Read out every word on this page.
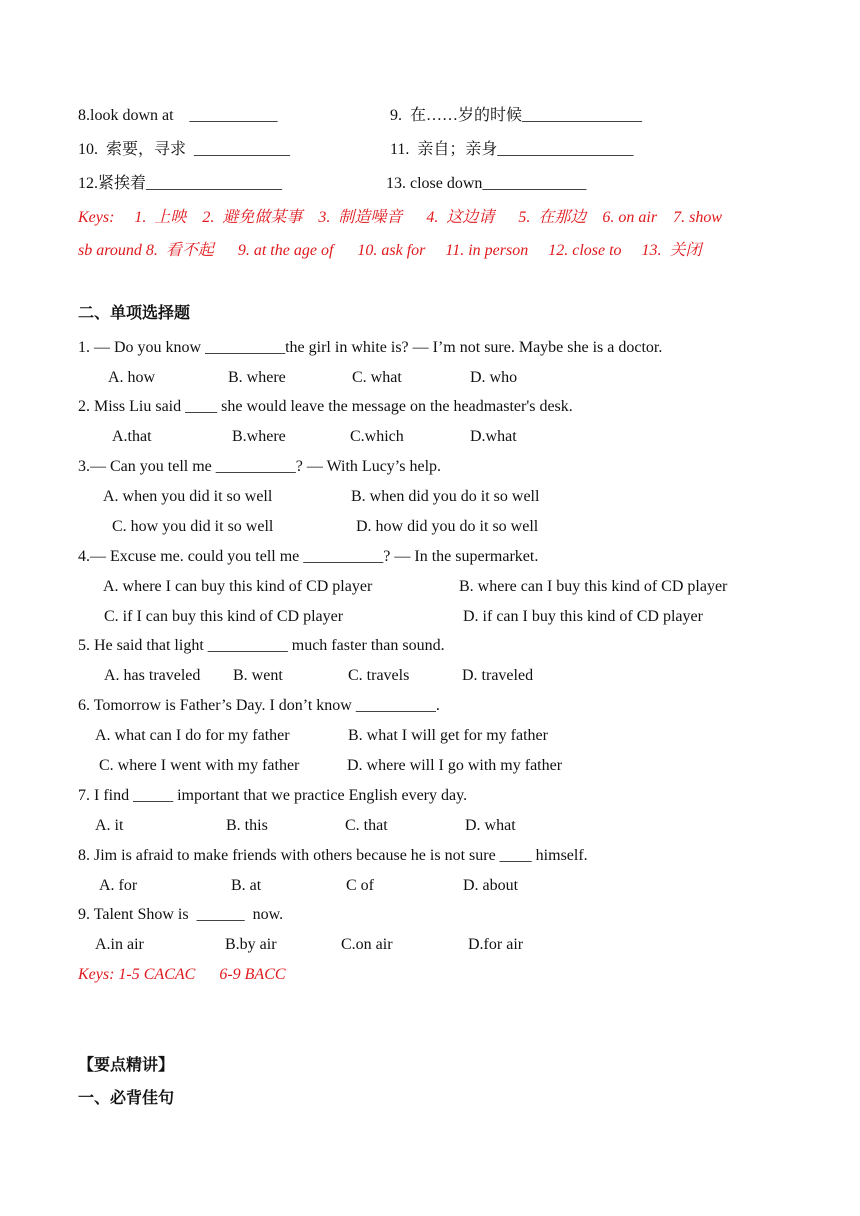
8.look down at    ___________	9.  在……岁的时候_______________
10.  索要，寻求  ____________	11.  亲自；亲身_________________
12.紧挨着_________________	13. close down_____________
Keys:     1.  上映    2.  避免做某事    3.  制造噪音      4.  这边请      5.  在那边    6. on air    7. show
sb around 8.  看不起      9. at the age of      10. ask for     11. in person     12. close to     13.  关闭
二、单项选择题
1. — Do you know __________the girl in white is? — I’m not sure. Maybe she is a doctor.
A. how	B. where	C. what	D. who
2. Miss Liu said ____ she would leave the message on the headmaster's desk.
A.that	B.where	C.which	D.what
3.— Can you tell me __________? — With Lucy’s help.
A. when you did it so well	B. when did you do it so well
C. how you did it so well	D. how did you do it so well
4.— Excuse me. could you tell me __________? — In the supermarket.
A. where I can buy this kind of CD player	B. where can I buy this kind of CD player
C. if I can buy this kind of CD player	D. if can I buy this kind of CD player
5. He said that light __________ much faster than sound.
A. has traveled B. went	C. travels	D. traveled
6. Tomorrow is Father’s Day. I don’t know __________.
A. what can I do for my father	B. what I will get for my father
C. where I went with my father	D. where will I go with my father
7. I find _____ important that we practice English every day.
A. it	B. this	C. that	D. what
8. Jim is afraid to make friends with others because he is not sure ____ himself.
A. for	B. at	C of	D. about
9. Talent Show is  ______  now.
A.in air	B.by air	C.on air	D.for air
Keys: 1-5 CACAC      6-9 BACC
【要点精讲】
一、必背佳句
